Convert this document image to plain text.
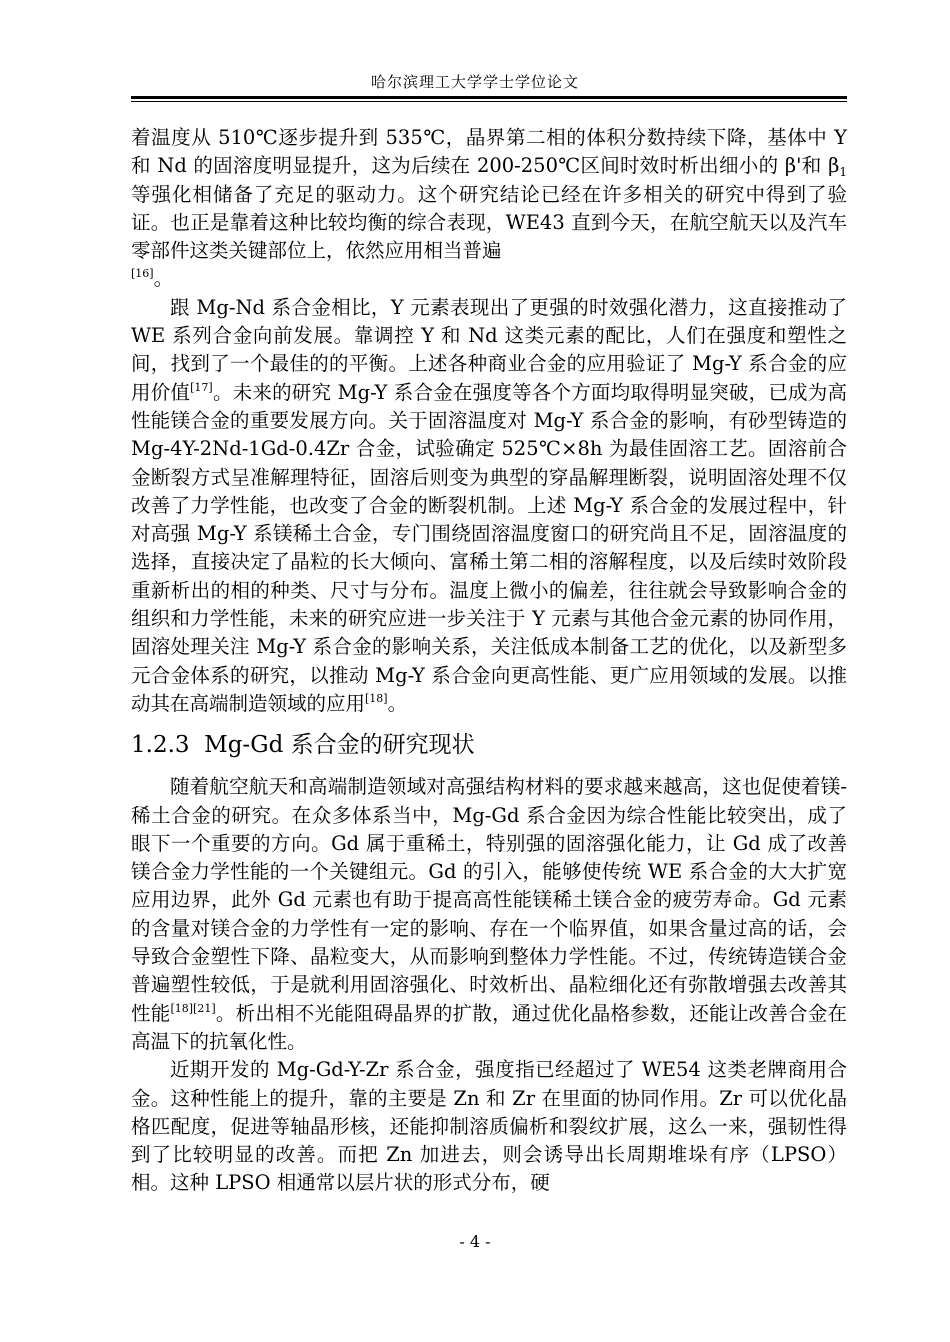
哈尔滨理工大学学士学位论文

着温度从 510℃逐步提升到 535℃，晶界第二相的体积分数持续下降，基体中 Y 和 Nd 的固溶度明显提升，这为后续在 200-250℃区间时效时析出细小的 β'和 $\beta_1$ 等强化相储备了充足的驱动力。这个研究结论已经在许多相关的研究中得到了验证。也正是靠着这种比较均衡的综合表现，WE43 直到今天，在航空航天以及汽车零部件这类关键部位上，依然应用相当普遍
[16]。

跟 Mg-Nd 系合金相比，Y 元素表现出了更强的时效强化潜力，这直接推动了 WE 系列合金向前发展。靠调控 Y 和 Nd 这类元素的配比，人们在强度和塑性之间，找到了一个最佳的的平衡。上述各种商业合金的应用验证了 Mg-Y 系合金的应用价值[17]。未来的研究 Mg-Y 系合金在强度等各个方面均取得明显突破，已成为高性能镁合金的重要发展方向。关于固溶温度对 Mg-Y 系合金的影响，有砂型铸造的 Mg-4Y-2Nd-1Gd-0.4Zr 合金，试验确定 525℃×8h 为最佳固溶工艺。固溶前合金断裂方式呈准解理特征，固溶后则变为典型的穿晶解理断裂，说明固溶处理不仅改善了力学性能，也改变了合金的断裂机制。上述 Mg-Y 系合金的发展过程中，针对高强 Mg-Y 系镁稀土合金，专门围绕固溶温度窗口的研究尚且不足，固溶温度的选择，直接决定了晶粒的长大倾向、富稀土第二相的溶解程度，以及后续时效阶段重新析出的相的种类、尺寸与分布。温度上微小的偏差，往往就会导致影响合金的组织和力学性能，未来的研究应进一步关注于 Y 元素与其他合金元素的协同作用，固溶处理关注 Mg-Y 系合金的影响关系，关注低成本制备工艺的优化，以及新型多元合金体系的研究，以推动 Mg-Y 系合金向更高性能、更广应用领域的发展。以推动其在高端制造领域的应用[18]。

1.2.3 Mg-Gd 系合金的研究现状

随着航空航天和高端制造领域对高强结构材料的要求越来越高，这也促使着镁-稀土合金的研究。在众多体系当中，Mg-Gd 系合金因为综合性能比较突出，成了眼下一个重要的方向。Gd 属于重稀土，特别强的固溶强化能力，让 Gd 成了改善镁合金力学性能的一个关键组元。Gd 的引入，能够使传统 WE 系合金的大大扩宽应用边界，此外 Gd 元素也有助于提高高性能镁稀土镁合金的疲劳寿命。Gd 元素的含量对镁合金的力学性有一定的影响、存在一个临界值，如果含量过高的话，会导致合金塑性下降、晶粒变大，从而影响到整体力学性能。不过，传统铸造镁合金普遍塑性较低，于是就利用固溶强化、时效析出、晶粒细化还有弥散增强去改善其性能[18][21]。析出相不光能阻碍晶界的扩散，通过优化晶格参数，还能让改善合金在高温下的抗氧化性。

近期开发的 Mg-Gd-Y-Zr 系合金，强度指已经超过了 WE54 这类老牌商用合金。这种性能上的提升，靠的主要是 Zn 和 Zr 在里面的协同作用。Zr 可以优化晶格匹配度，促进等轴晶形核，还能抑制溶质偏析和裂纹扩展，这么一来，强韧性得到了比较明显的改善。而把 Zn 加进去，则会诱导出长周期堆垛有序（LPSO）相。这种 LPSO 相通常以层片状的形式分布，硬

- 4 -
